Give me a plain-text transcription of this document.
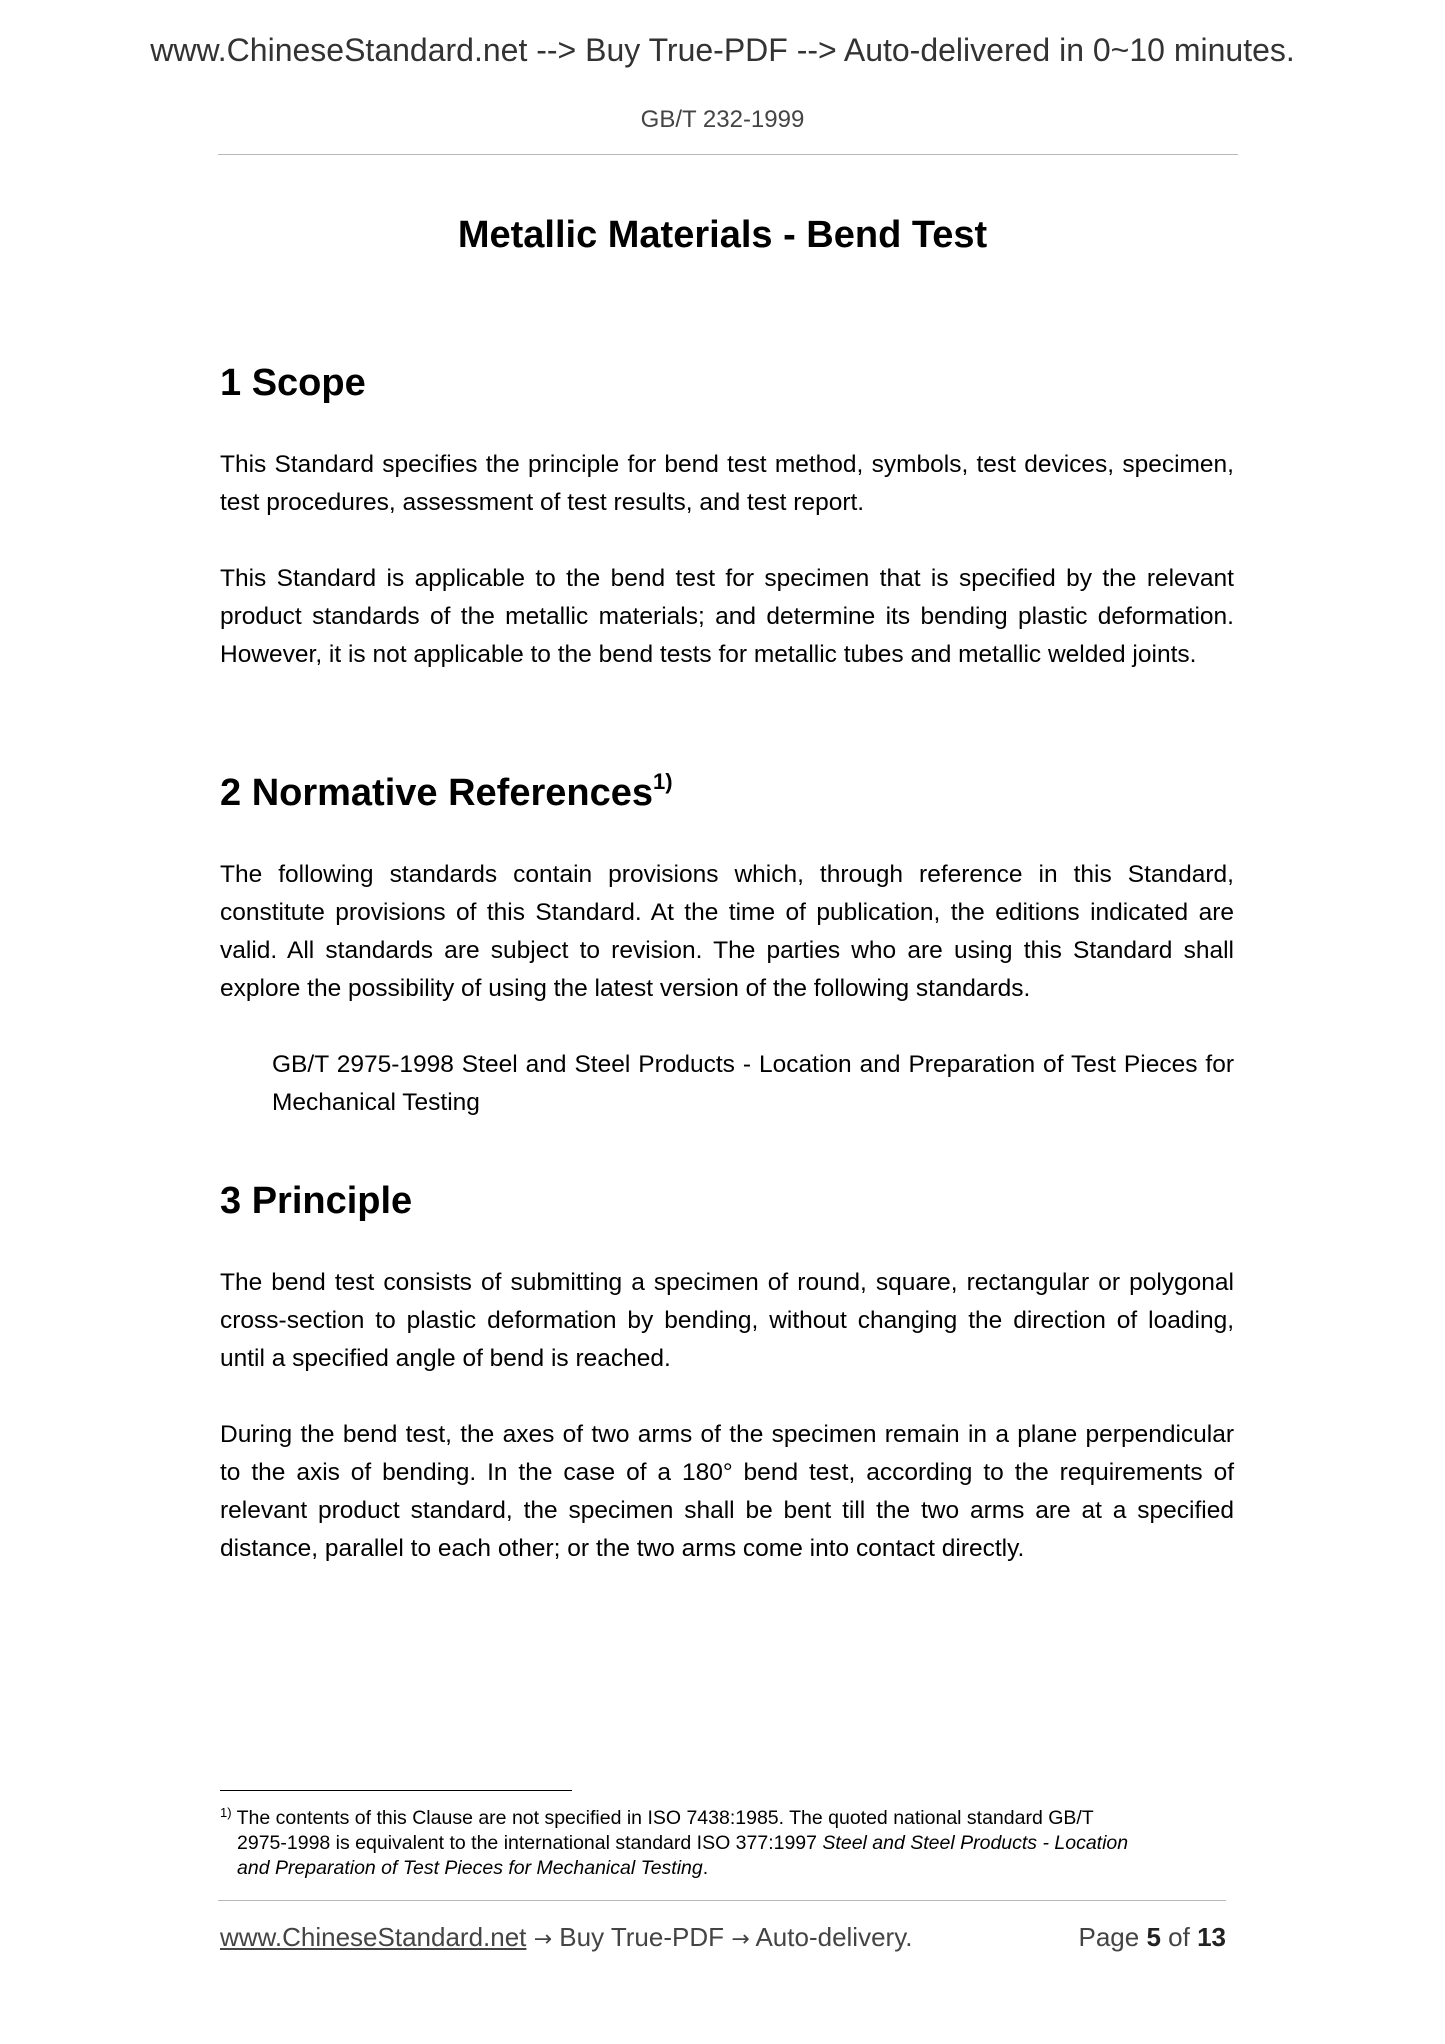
www.ChineseStandard.net --> Buy True-PDF --> Auto-delivered in 0~10 minutes.
GB/T 232-1999
Metallic Materials - Bend Test
1 Scope
This Standard specifies the principle for bend test method, symbols, test devices, specimen, test procedures, assessment of test results, and test report.
This Standard is applicable to the bend test for specimen that is specified by the relevant product standards of the metallic materials; and determine its bending plastic deformation. However, it is not applicable to the bend tests for metallic tubes and metallic welded joints.
2 Normative References$^{1)}$
The following standards contain provisions which, through reference in this Standard, constitute provisions of this Standard. At the time of publication, the editions indicated are valid. All standards are subject to revision. The parties who are using this Standard shall explore the possibility of using the latest version of the following standards.
GB/T 2975-1998 Steel and Steel Products - Location and Preparation of Test Pieces for Mechanical Testing
3 Principle
The bend test consists of submitting a specimen of round, square, rectangular or polygonal cross-section to plastic deformation by bending, without changing the direction of loading, until a specified angle of bend is reached.
During the bend test, the axes of two arms of the specimen remain in a plane perpendicular to the axis of bending. In the case of a 180° bend test, according to the requirements of relevant product standard, the specimen shall be bent till the two arms are at a specified distance, parallel to each other; or the two arms come into contact directly.
$^{1)}$ The contents of this Clause are not specified in ISO 7438:1985. The quoted national standard GB/T
2975-1998 is equivalent to the international standard ISO 377:1997 Steel and Steel Products - Location
and Preparation of Test Pieces for Mechanical Testing.
www.ChineseStandard.net → Buy True-PDF → Auto-delivery.	Page 5 of 13
